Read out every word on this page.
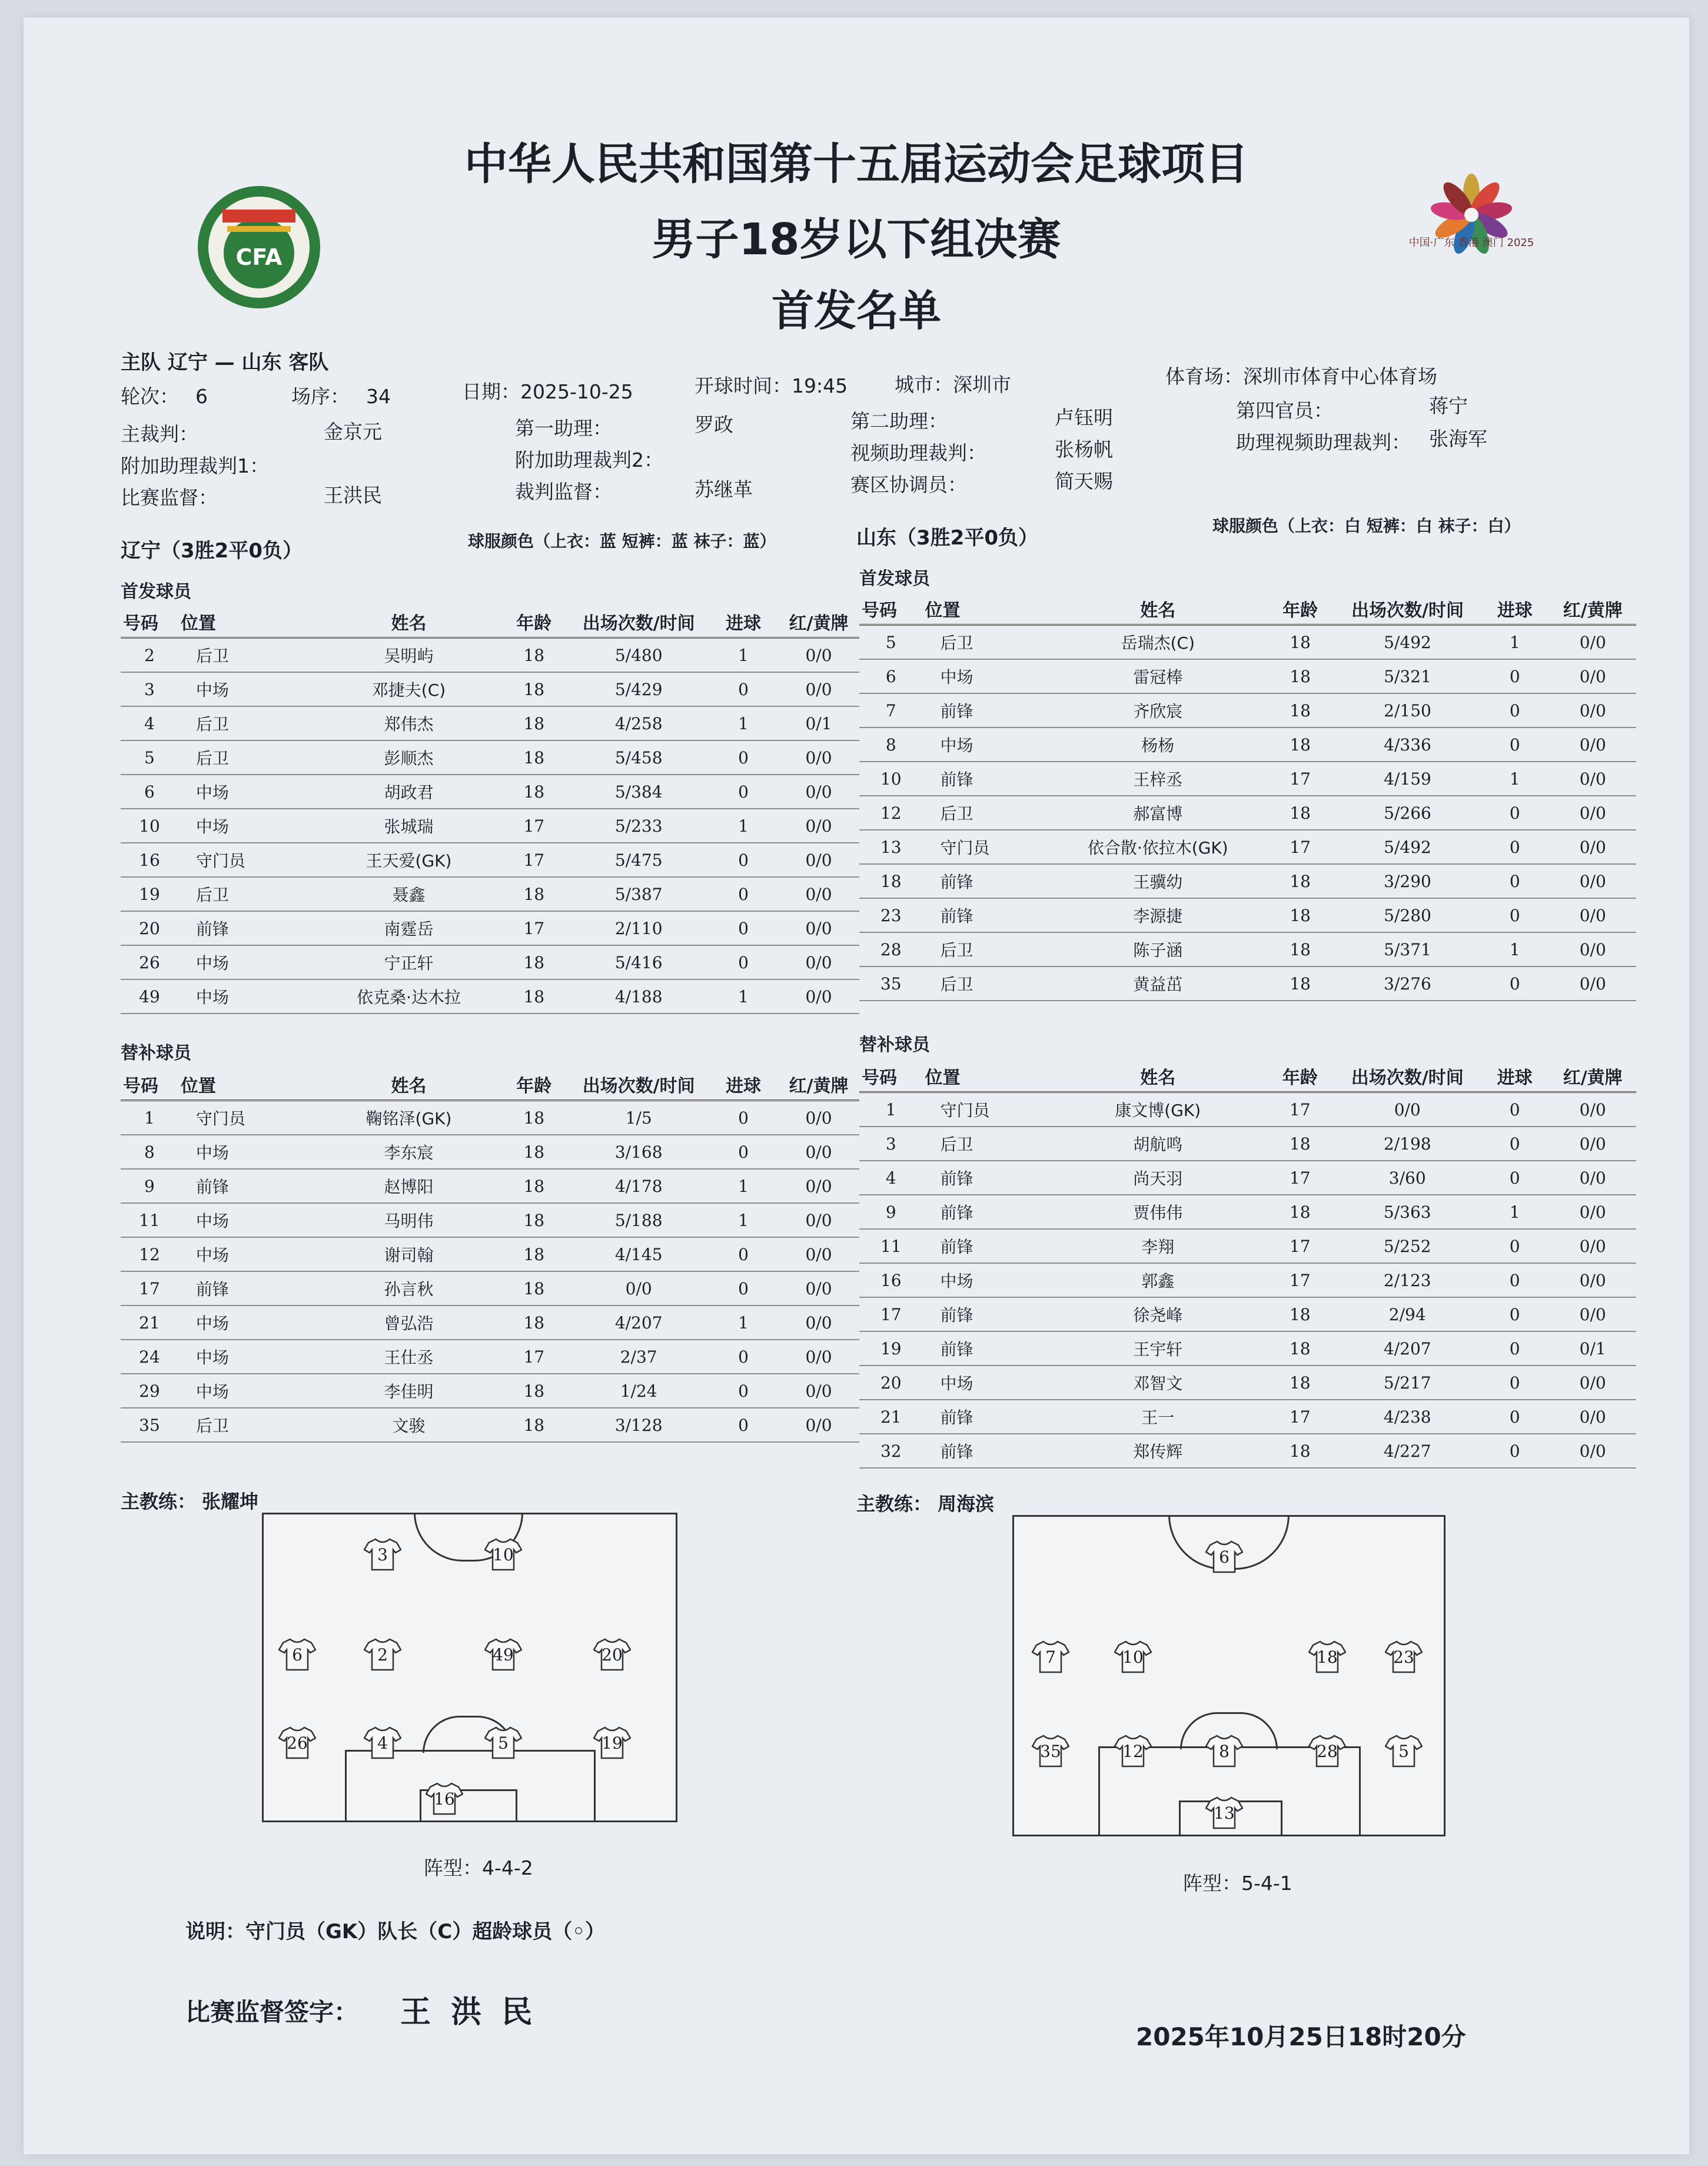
CFA
中国·广东 香港 澳门 2025
中华人民共和国第十五届运动会足球项目
男子18岁以下组决赛
首发名单
主队 辽宁 — 山东 客队
轮次： 6	场序： 34	日期：2025-10-25	开球时间：19:45 城市：深圳市	体育场：深圳市体育中心体育场
主裁判：	金京元	第一助理：	罗政	第二助理：	卢钰明	第四官员：	蒋宁
附加助理裁判1：	附加助理裁判2：	视频助理裁判：	张杨帆	助理视频助理裁判： 张海军
比赛监督：	王洪民	裁判监督：	苏继革	赛区协调员：	简天赐
辽宁（3胜2平0负）	球服颜色（上衣：蓝 短裤：蓝 袜子：蓝）	山东（3胜2平0负）
球服颜色（上衣：白 短裤：白 袜子：白）
首发球员
首发球员
号码	位置	姓名	年龄	出场次数/时间	进球	红/黄牌
2	后卫	吴明屿	18	5/480	1	0/0
3	中场	邓捷夫(C)	18	5/429	0	0/0
4	后卫	郑伟杰	18	4/258	1	0/1
5	后卫	彭顺杰	18	5/458	0	0/0
6	中场	胡政君	18	5/384	0	0/0
10	中场	张城瑞	17	5/233	1	0/0
16	守门员	王天爱(GK)	17	5/475	0	0/0
19	后卫	聂鑫	18	5/387	0	0/0
20	前锋	南霆岳	17	2/110	0	0/0
26	中场	宁正轩	18	5/416	0	0/0
49	中场	依克桑·达木拉	18	4/188	1	0/0
号码	位置	姓名	年龄	出场次数/时间	进球	红/黄牌
5	后卫	岳瑞杰(C)	18	5/492	1	0/0
6	中场	雷冠棒	18	5/321	0	0/0
7	前锋	齐欣宸	18	2/150	0	0/0
8	中场	杨杨	18	4/336	0	0/0
10	前锋	王梓丞	17	4/159	1	0/0
12	后卫	郝富博	18	5/266	0	0/0
13	守门员	依合散·依拉木(GK)	17	5/492	0	0/0
18	前锋	王骥幼	18	3/290	0	0/0
23	前锋	李源捷	18	5/280	0	0/0
28	后卫	陈子涵	18	5/371	1	0/0
35	后卫	黄益茁	18	3/276	0	0/0
替补球员	替补球员
号码	位置	姓名	年龄	出场次数/时间	进球	红/黄牌
1	守门员	鞠铭泽(GK)	18	1/5	0	0/0
8	中场	李东宸	18	3/168	0	0/0
9	前锋	赵博阳	18	4/178	1	0/0
11	中场	马明伟	18	5/188	1	0/0
12	中场	谢司翰	18	4/145	0	0/0
17	前锋	孙言秋	18	0/0	0	0/0
21	中场	曾弘浩	18	4/207	1	0/0
24	中场	王仕丞	17	2/37	0	0/0
29	中场	李佳明	18	1/24	0	0/0
35	后卫	文骏	18	3/128	0	0/0
号码	位置	姓名	年龄	出场次数/时间	进球	红/黄牌
1	守门员	康文博(GK)	17	0/0	0	0/0
3	后卫	胡航鸣	18	2/198	0	0/0
4	前锋	尚天羽	17	3/60	0	0/0
9	前锋	贾伟伟	18	5/363	1	0/0
11	前锋	李翔	17	5/252	0	0/0
16	中场	郭鑫	17	2/123	0	0/0
17	前锋	徐尧峰	18	2/94	0	0/0
19	前锋	王宇轩	18	4/207	0	0/1
20	中场	邓智文	18	5/217	0	0/0
21	前锋	王一	17	4/238	0	0/0
32	前锋	郑传辉	18	4/227	0	0/0
主教练： 张耀坤	主教练： 周海滨
3	10
6	2	49	20
26	4	5	19
16
阵型：4-4-2
6
7	10	18	23
35	12	8	28	5
13
阵型：5-4-1
说明：守门员（GK）队长（C）超龄球员（◦）
比赛监督签字： 王 洪 民
2025年10月25日18时20分
